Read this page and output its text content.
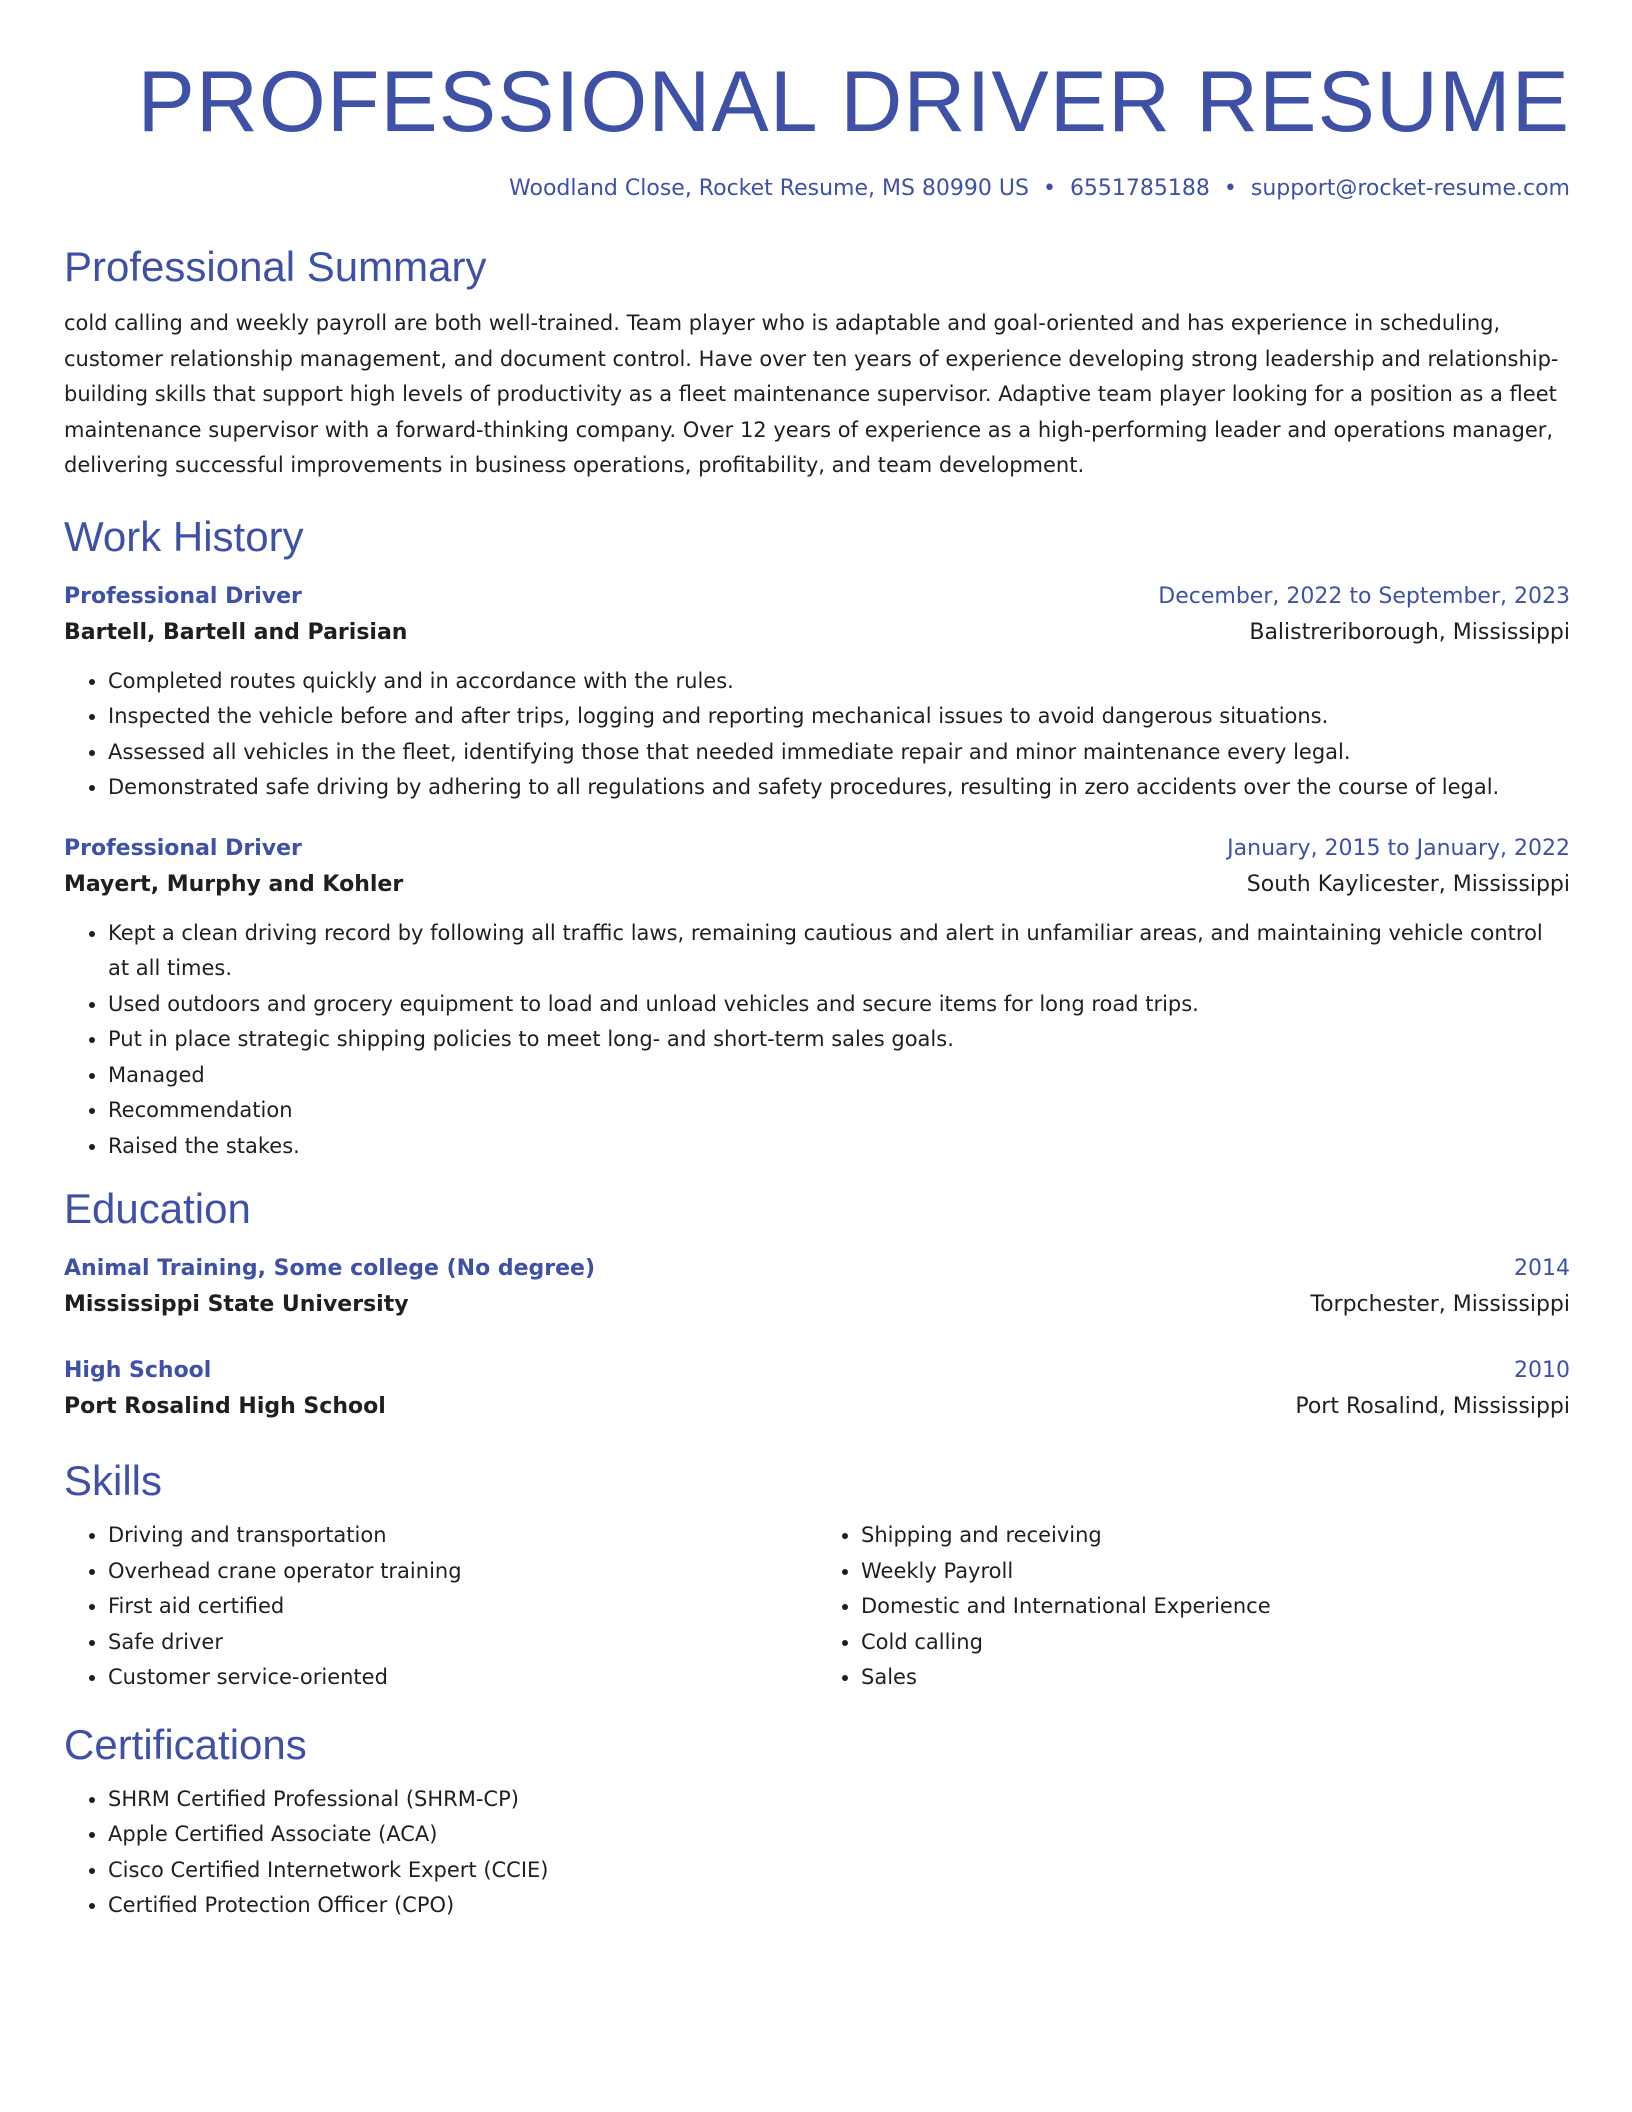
PROFESSIONAL DRIVER RESUME
Woodland Close, Rocket Resume, MS 80990 US • 6551785188 • support@rocket-resume.com
Professional Summary
cold calling and weekly payroll are both well-trained. Team player who is adaptable and goal-oriented and has experience in scheduling, customer relationship management, and document control. Have over ten years of experience developing strong leadership and relationship-building skills that support high levels of productivity as a fleet maintenance supervisor. Adaptive team player looking for a position as a fleet maintenance supervisor with a forward-thinking company. Over 12 years of experience as a high-performing leader and operations manager, delivering successful improvements in business operations, profitability, and team development.
Work History
Professional Driver	December, 2022 to September, 2023
Bartell, Bartell and Parisian	Balistreriborough, Mississippi
• Completed routes quickly and in accordance with the rules.
• Inspected the vehicle before and after trips, logging and reporting mechanical issues to avoid dangerous situations.
• Assessed all vehicles in the fleet, identifying those that needed immediate repair and minor maintenance every legal.
• Demonstrated safe driving by adhering to all regulations and safety procedures, resulting in zero accidents over the course of legal.
Professional Driver	January, 2015 to January, 2022
Mayert, Murphy and Kohler	South Kaylicester, Mississippi
• Kept a clean driving record by following all traffic laws, remaining cautious and alert in unfamiliar areas, and maintaining vehicle control at all times.
• Used outdoors and grocery equipment to load and unload vehicles and secure items for long road trips.
• Put in place strategic shipping policies to meet long- and short-term sales goals.
• Managed
• Recommendation
• Raised the stakes.
Education
Animal Training, Some college (No degree)	2014
Mississippi State University	Torpchester, Mississippi
High School	2010
Port Rosalind High School	Port Rosalind, Mississippi
Skills
• Driving and transportation
• Overhead crane operator training
• First aid certified
• Safe driver
• Customer service-oriented
• Shipping and receiving
• Weekly Payroll
• Domestic and International Experience
• Cold calling
• Sales
Certifications
• SHRM Certified Professional (SHRM-CP)
• Apple Certified Associate (ACA)
• Cisco Certified Internetwork Expert (CCIE)
• Certified Protection Officer (CPO)
